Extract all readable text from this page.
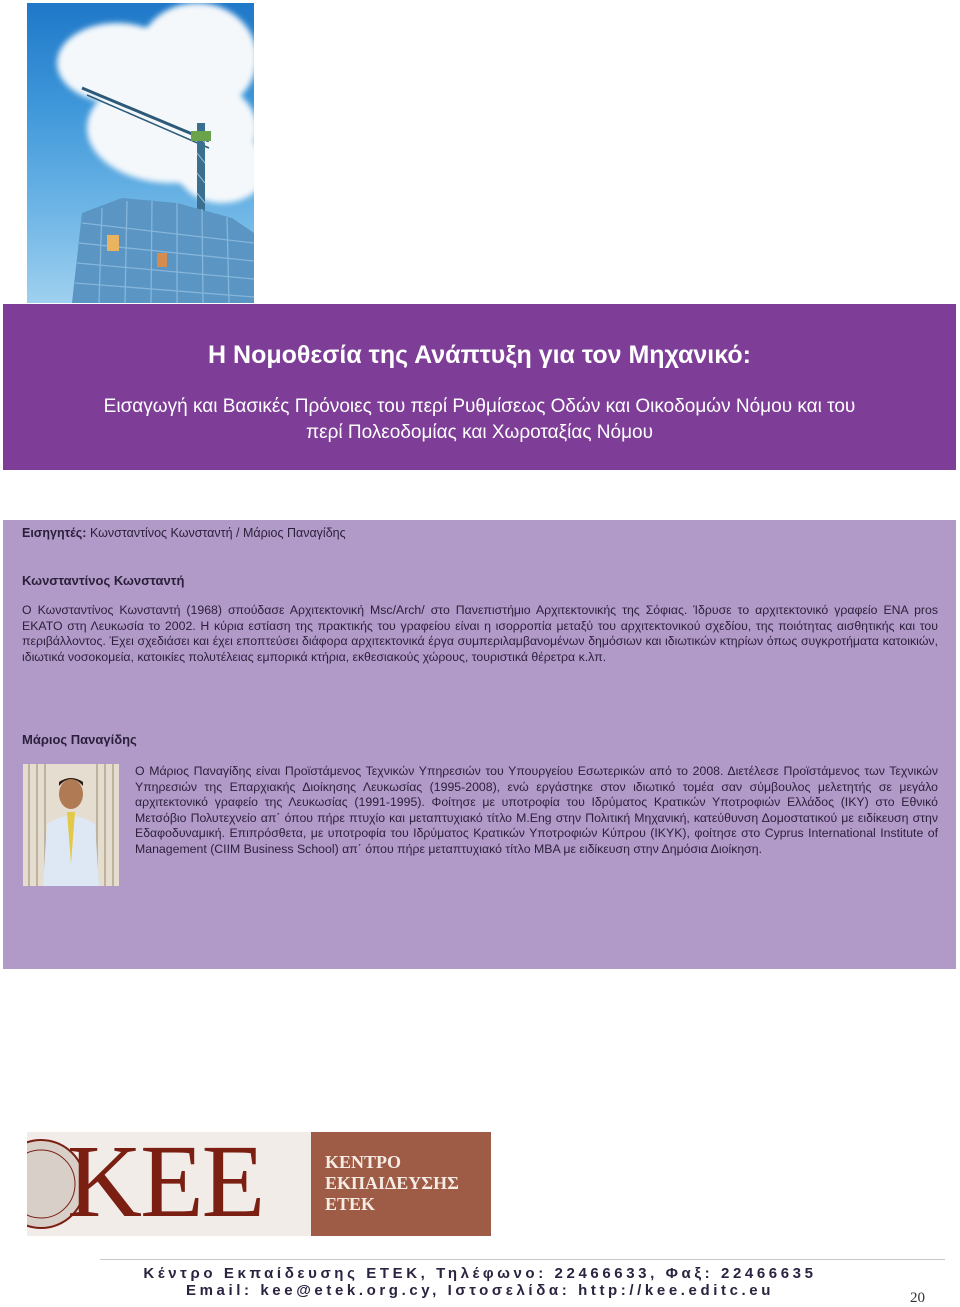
Η Νομοθεσία της Ανάπτυξη για τον Μηχανικό:
Εισαγωγή και Βασικές Πρόνοιες του περί Ρυθμίσεως Οδών και Οικοδομών Νόμου και του
περί Πολεοδομίας και Χωροταξίας Νόμου
Εισηγητές: Κωνσταντίνος Κωνσταντή / Μάριος Παναγίδης
Κωνσταντίνος Κωνσταντή
Ο Κωνσταντίνος Κωνσταντή (1968) σπούδασε Αρχιτεκτονική Msc/Arch/ στο Πανεπιστήμιο Αρχιτεκτονικής της Σόφιας. Ίδρυσε το αρχιτεκτονικό γραφείο ΕΝΑ pros ΕΚΑΤΟ στη Λευκωσία το 2002. Η κύρια εστίαση της πρακτικής του γραφείου είναι η ισορροπία μεταξύ του αρχιτεκτονικού σχεδίου, της ποιότητας αισθητικής και του περιβάλλοντος. Έχει σχεδιάσει και έχει εποπτεύσει διάφορα αρχιτεκτονικά έργα συμπεριλαμβανομένων δημόσιων και ιδιωτικών κτηρίων όπως συγκροτήματα κατοικιών, ιδιωτικά νοσοκομεία, κατοικίες πολυτέλειας εμπορικά κτήρια, εκθεσιακούς χώρους, τουριστικά θέρετρα κ.λπ.
Μάριος Παναγίδης
Ο Μάριος Παναγίδης είναι Προϊστάμενος Τεχνικών Υπηρεσιών του Υπουργείου Εσωτερικών από το 2008. Διετέλεσε Προϊστάμενος των Τεχνικών Υπηρεσιών της Επαρχιακής Διοίκησης Λευκωσίας (1995-2008), ενώ εργάστηκε στον ιδιωτικό τομέα σαν σύμβουλος μελετητής σε μεγάλο αρχιτεκτονικό γραφείο της Λευκωσίας (1991-1995). Φοίτησε με υποτροφία του Ιδρύματος Κρατικών Υποτροφιών Ελλάδος (ΙΚΥ) στο Εθνικό Μετσόβιο Πολυτεχνείο απ΄ όπου πήρε πτυχίο και μεταπτυχιακό τίτλο M.Eng στην Πολιτική Μηχανική, κατεύθυνση Δομοστατικού με ειδίκευση στην Εδαφοδυναμική. Επιπρόσθετα, με υποτροφία του Ιδρύματος Κρατικών Υποτροφιών Κύπρου (ΙΚΥΚ), φοίτησε στο Cyprus International Institute of Management (CIIM Business School) απ΄ όπου πήρε μεταπτυχιακό τίτλο ΜΒΑ με ειδίκευση στην Δημόσια Διοίκηση.
KEE	ΚΕΝΤΡΟ
ΕΚΠΑΙΔΕΥΣΗΣ
ΕΤΕΚ
Κέντρο Εκπαίδευσης ΕΤΕΚ, Τηλέφωνο: 22466633, Φαξ: 22466635
Email: kee@etek.org.cy, Ιστοσελίδα: http://kee.editc.eu	20
